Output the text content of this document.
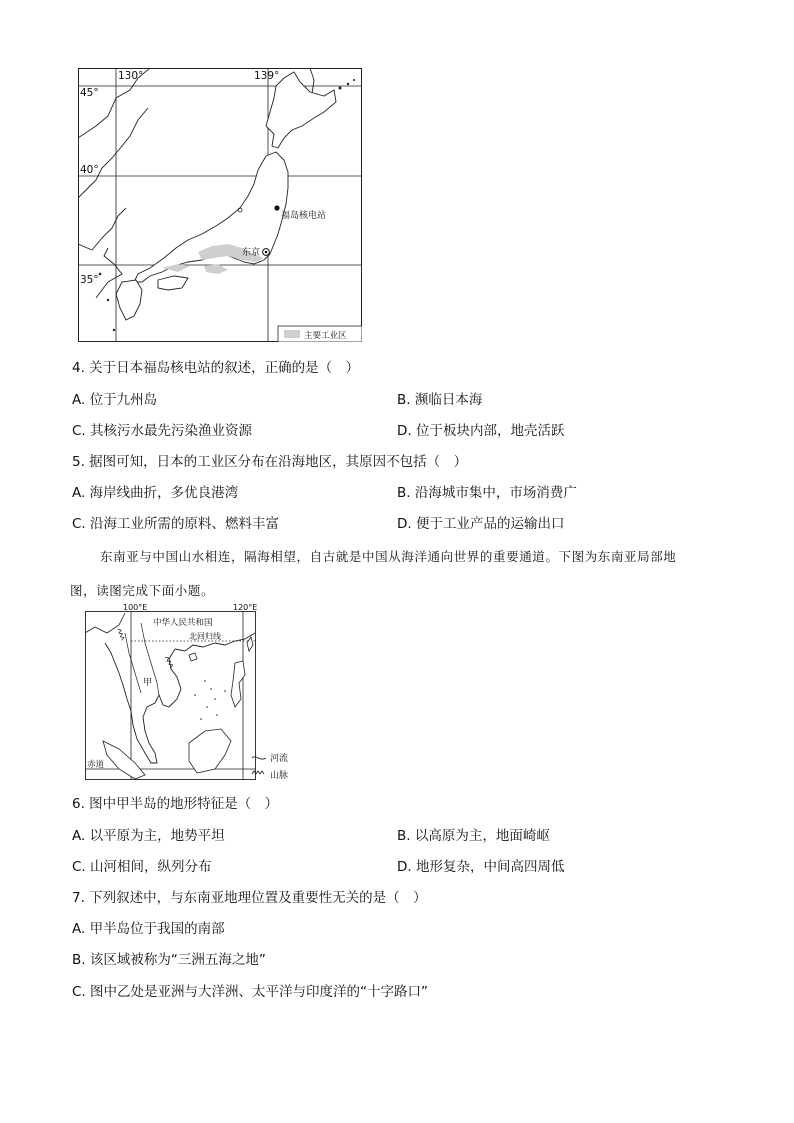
130°	139°
45°
40°
35°
福岛核电站
东京
主要工业区
4. 关于日本福岛核电站的叙述，正确的是（　）
A. 位于九州岛	B. 濒临日本海
C. 其核污水最先污染渔业资源	D. 位于板块内部，地壳活跃
5. 据图可知，日本的工业区分布在沿海地区，其原因不包括（　）
A. 海岸线曲折，多优良港湾	B. 沿海城市集中，市场消费广
C. 沿海工业所需的原料、燃料丰富	D. 便于工业产品的运输出口
东南亚与中国山水相连，隔海相望，自古就是中国从海洋通向世界的重要通道。下图为东南亚局部地
图，读图完成下面小题。
100°E	120°E
中华人民共和国
北回归线
甲
赤道
河流
山脉
6. 图中甲半岛的地形特征是（　）
A. 以平原为主，地势平坦	B. 以高原为主，地面崎岖
C. 山河相间，纵列分布	D. 地形复杂，中间高四周低
7. 下列叙述中，与东南亚地理位置及重要性无关的是（　）
A. 甲半岛位于我国的南部
B. 该区域被称为“三洲五海之地”
C. 图中乙处是亚洲与大洋洲、太平洋与印度洋的“十字路口”
